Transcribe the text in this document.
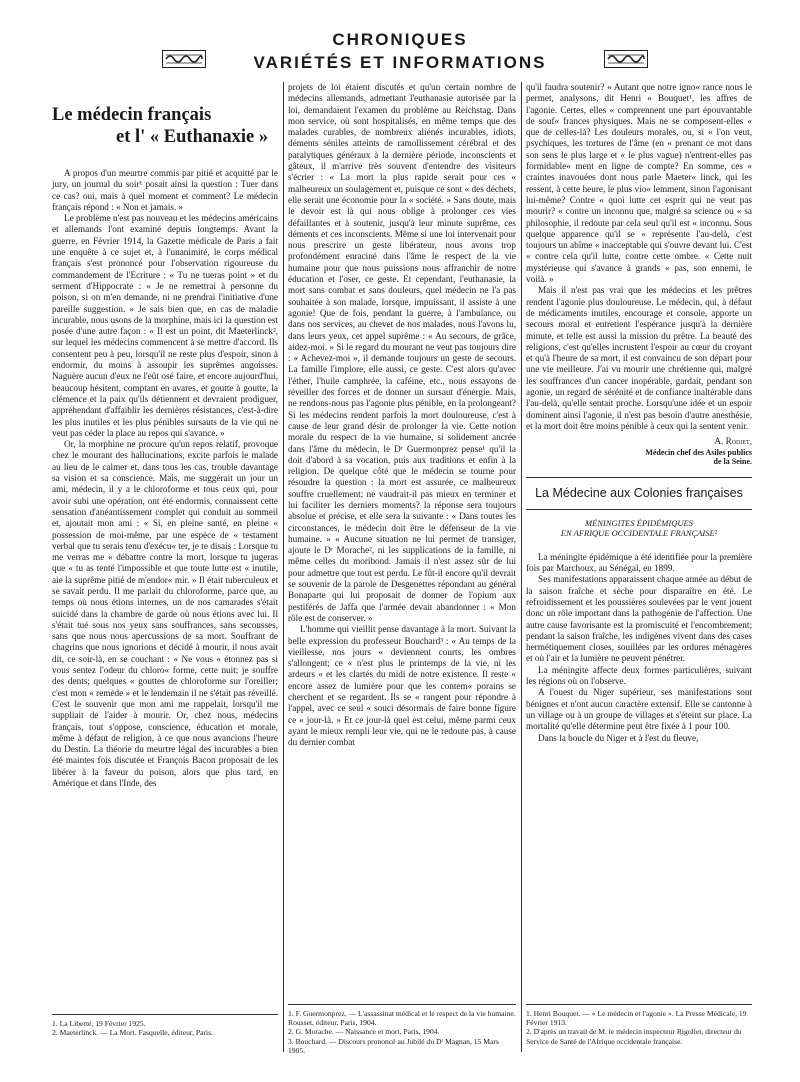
CHRONIQUES
VARIÉTÉS ET INFORMATIONS
Le médecin français
et l' « Euthanaxie »

A propos d'un meurtre commis par pitié et acquitté par le jury, un journal du soir¹ posait ainsi la question : Tuer dans ce cas? oui, mais à quel moment et comment? Le médecin français répond : « Non et jamais. »

Le problème n'est pas nouveau et les médecins américains et allemands l'ont examiné depuis longtemps. Avant la guerre, en Février 1914, la Gazette médicale de Paris a fait une enquête à ce sujet et, à l'unanimité, le corps médical français s'est prononcé pour l'observation rigoureuse du commandement de l'Ecriture : « Tu ne tueras point » et du serment d'Hippocrate : « Je ne remettrai à personne du poison, si on m'en demande, ni ne prendrai l'initiative d'une pareille suggestion. » Je sais bien que, en cas de maladie incurable, nous usons de la morphine, mais ici la question est posée d'une autre façon : « Il est un point, dit Maeterlinck², sur lequel les médecins commencent à se mettre d'accord. Ils consentent peu à peu, lorsqu'il ne reste plus d'espoir, sinon à endormir, du moins à assoupir les suprêmes angoisses. Naguère aucun d'eux ne l'eût osé faire, et encore aujourd'hui, beaucoup hésitent, comptant en avares, et goutte à goutte, la clémence et la paix qu'ils détiennent et devraient prodiguer, appréhendant d'affaiblir les dernières résistances, c'est-à-dire les plus inutiles et les plus pénibles sursauts de la vie qui ne veut pas céder la place au repos qui s'avance. »

Or, la morphine ne procure qu'un repos relatif, provoque chez le mourant des hallucinations, excite parfois le malade au lieu de le calmer et, dans tous les cas, trouble davantage sa vision et sa conscience. Mais, me suggérait un jour un ami, médecin, il y a le chloroforme et tous ceux qui, pour avoir subi une opération, ont été endormis, connaissent cette sensation d'anéantissement complet qui conduit au sommeil et, ajoutait mon ami : « Si, en pleine santé, en pleine « possession de moi-même, par une espèce de « testament verbal que tu serais tenu d'exécu« ter, je te disais : Lorsque tu me verras me « débattre contre la mort, lorsque tu jugeras que « tu as tenté l'impossible et que toute lutte est « inutile, aie la suprême pitié de m'endor« mir. » Il était tuberculeux et se savait perdu. Il me parlait du chloroforme, parce que, au temps où nous étions internes, un de nos camarades s'était suicidé dans la chambre de garde où nous étions avec lui. Il s'était tué sous nos yeux sans souffrances, sans secousses, sans que nous nous apercussions de sa mort. Souffrant de chagrins que nous ignorions et décidé à mourir, il nous avait dit, ce soir-là, en se couchant : « Ne vous « étonnez pas si vous sentez l'odeur du chloro« forme, cette nuit; je souffre des dents; quelques « gouttes de chloroforme sur l'oreiller; c'est mon « remède » et le lendemain il ne s'était pas réveillé. C'est le souvenir que mon ami me rappelait, lorsqu'il me suppliait de l'aider à mourir. Or, chez nous, médecins français, tout s'oppose, conscience, éducation et morale, même à défaut de religion, à ce que nous avancions l'heure du Destin. La théorie du meurtre légal des incurables a bien été maintes fois discutée et François Bacon proposait de les libérer à la faveur du poison, alors que plus tard, en Amérique et dans l'Inde, des

projets de loi étaient discutés et qu'un certain nombre de médecins allemands, admettant l'euthanasie autorisée par la loi, demandaient l'examen du problème au Reichstag. Dans mon service, où sont hospitalisés, en même temps que des malades curables, de nombreux aliénés incurables, idiots, déments séniles atteints de ramollissement cérébral et des paralytiques généraux à la dernière période, inconscients et gâteux, il m'arrive très souvent d'entendre des visiteurs s'écrier : « La mort la plus rapide serait pour ces « malheureux un soulagement et, puisque ce sont « des déchets, elle serait une économie pour la « société. » Sans doute, mais le devoir est là qui nous oblige à prolonger ces vies défaillantes et à soutenir, jusqu'à leur minute suprême, ces déments et ces inconscients. Même si une loi intervenait pour nous prescrire un geste libérateur, nous avons trop profondément enraciné dans l'âme le respect de la vie humaine pour que nous puissions nous affranchir de notre éducation et l'oser, ce geste. Et cependant, l'euthanasie, la mort sans combat et sans douleurs, quel médecin ne l'a pas souhaitée à son malade, lorsque, impuissant, il assiste à une agonie! Que de fois, pendant la guerre, à l'ambulance, ou dans nos services, au chevet de nos malades, nous l'avons lu, dans leurs yeux, cet appel suprême : « Au secours, de grâce, aidez-moi. » Si le regard du mourant ne veut pas toujours dire : « Achevez-moi », il demande toujours un geste de secours. La famille l'implore, elle aussi, ce geste. C'est alors qu'avec l'éther, l'huile camphrée, la caféine, etc., nous essayons de réveiller des forces et de donner un sursaut d'énergie. Mais, ne rendons-nous pas l'agonie plus pénible, en la prolongeant? Si les médecins rendent parfois la mort douloureuse, c'est à cause de leur grand désir de prolonger la vie. Cette notion morale du respect de la vie humaine, si solidement ancrée dans l'âme du médecin, le Dʳ Guermonprez pense¹ qu'il la doit d'abord à sa vocation, puis aux traditions et enfin à la religion. De quelque côté que le médecin se tourne pour résoudre la question : la mort est assurée, ce malheureux souffre cruellement; ne vaudrait-il pas mieux en terminer et lui faciliter les derniers moments? la réponse sera toujours absolue et précise, et elle sera la suivante : « Dans toutes les circonstances, le médecin doit être le défenseur de la vie humaine. » « Aucune situation ne lui permet de transiger, ajoute le Dʳ Morache², ni les supplications de la famille, ni même celles du moribond. Jamais il n'est assez sûr de lui pour admettre que tout est perdu. Le fût-il encore qu'il devrait se souvenir de la parole de Desgenettes répondant au général Bonaparte qui lui proposait de donner de l'opium aux pestiférés de Jaffa que l'armée devait abandonner : « Mon rôle est de conserver. »

L'homme qui vieillit pense davantage à la mort. Suivant la belle expression du professeur Bouchard³ : « Au temps de la vieillesse, nos jours « deviennent courts, les ombres s'allongent; ce « n'est plus le printemps de la vie, ni les ardeurs « et les clartés du midi de notre existence. Il reste « encore assez de lumière pour que les contem« porains se cherchent et se regardent. Ils se « rangent pour répondre à l'appel, avec ce seul « souci désormais de faire bonne figure ce « jour-là. » Et ce jour-là quel est celui, même parmi ceux ayant le mieux rempli leur vie, qui ne le redoute pas, à cause du dernier combat

qu'il faudra soutenir? « Autant que notre igno« rance nous le permet, analysons, dit Henri « Bouquet¹, les affres de l'agonie. Certes, elles « comprennent une part épouvantable de souf« frances physiques. Mais ne se composent-elles « que de celles-là? Les douleurs morales, ou, si « l'on veut, psychiques, les tortures de l'âme (en « prenant ce mot dans son sens le plus large et « le plus vague) n'entrent-elles pas formidable« ment en ligne de compte? En somme, ces « craintes inavouées dont nous parle Maeter« linck, qui les ressent, à cette heure, le plus vio« lemment, sinon l'agonisant lui-même? Contre « quoi lutte cet esprit qui ne veut pas mourir? « contre un inconnu que, malgré sa science ou « sa philosophie, il redoute par cela seul qu'il est « inconnu. Sous quelque apparence qu'il se « représente l'au-delà, c'est toujours un abîme « inacceptable qui s'ouvre devant lui. C'est « contre cela qu'il lutte, contre cette ombre. « Cette nuit mystérieuse qui s'avance à grands « pas, son ennemi, le voilà. »

Mais il n'est pas vrai que les médecins et les prêtres rendent l'agonie plus douloureuse. Le médecin, qui, à défaut de médicaments inutiles, encourage et console, apporte un secours moral et entretient l'espérance jusqu'à la dernière minute, et telle est aussi la mission du prêtre. La beauté des religions, c'est qu'elles incrustent l'espoir au cœur du croyant et qu'à l'heure de sa mort, il est convaincu de son départ pour une vie meilleure. J'ai vu mourir une chrétienne qui, malgré les souffrances d'un cancer inopérable, gardait, pendant son agonie, un regard de sérénité et de confiance inaltérable dans l'au-delà, qu'elle sentait proche. Lorsqu'une idée et un espoir dominent ainsi l'agonie, il n'est pas besoin d'autre anesthésie, et la mort doit être moins pénible à ceux qui la sentent venir.

A. Rodiet,
Médecin chef des Asiles publics
de la Seine.
La Médecine aux Colonies françaises
MÉNINGITES ÉPIDÉMIQUES
EN AFRIQUE OCCIDENTALE FRANÇAISE²

La méningite épidémique a été identifiée pour la première fois par Marchoux, au Sénégal, en 1899.

Ses manifestations apparaissent chaque année au début de la saison fraîche et sèche pour disparaître en été. Le refroidissement et les poussières soulevées par le vent jouent donc un rôle important dans la pathogénie de l'affection. Une autre cause favorisante est la promiscuité et l'encombrement; pendant la saison fraîche, les indigènes vivent dans des cases hermétiquement closes, souillées par les ordures ménagères et où l'air et la lumière ne peuvent pénétrer.

La méningite affecte deux formes particulières, suivant les régions où on l'observe.

A l'ouest du Niger supérieur, ses manifestations sont bénignes et n'ont aucun caractère extensif. Elle se cantonne à un village ou à un groupe de villages et s'éteint sur place. La mortalité qu'elle détermine peut être fixée à 1 pour 100.

Dans la boucle du Niger et à l'est du fleuve,

1. La Liberté, 19 Février 1925.
2. Maeterlinck. — La Mort. Fasquelle, éditeur, Paris.
1. F. Guermonprez. — L'assassinat médical et le respect de la vie humaine. Rousset, éditeur, Paris, 1904.
2. G. Morache. — Naissance et mort, Paris, 1904.
3. Bouchard. — Discours prononcé au Jubilé du Dʳ Magnan, 15 Mars 1905.
1. Henri Bouquet. — « Le médecin et l'agonie ». La Presse Médicale, 19 Février 1913.
2. D'après un travail de M. le médecin inspecteur Rigollet, directeur du Service de Santé de l'Afrique occidentale française.
